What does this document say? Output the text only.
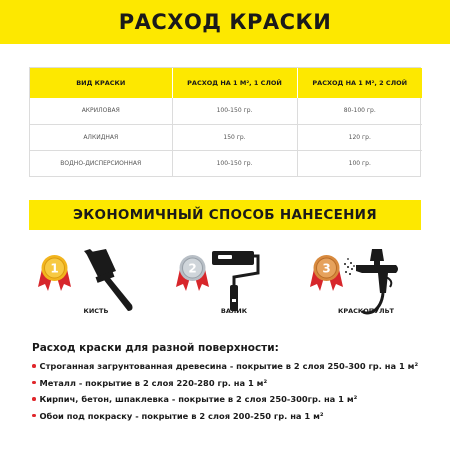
РАСХОД КРАСКИ
ВИД КРАСКИ	РАСХОД НА 1 М², 1 СЛОЙ	РАСХОД НА 1 М², 2 СЛОЙ
АКРИЛОВАЯ	100-150 гр.	80-100 гр.
АЛКИДНАЯ	150 гр.	120 гр.
ВОДНО-ДИСПЕРСИОННАЯ	100-150 гр.	100 гр.
ЭКОНОМИЧНЫЙ СПОСОБ НАНЕСЕНИЯ
1
КИСТЬ
2
ВАЛИК
3
КРАСКОПУЛЬТ
Расход краски для разной поверхности:
Строганная загрунтованная древесина - покрытие в 2 слоя 250-300 гр. на 1 м²
Металл - покрытие в 2 слоя 220-280 гр. на 1 м²
Кирпич, бетон, шпаклевка - покрытие в 2 слоя 250-300гр. на 1 м²
Обои под покраску - покрытие в 2 слоя 200-250 гр. на 1 м²
